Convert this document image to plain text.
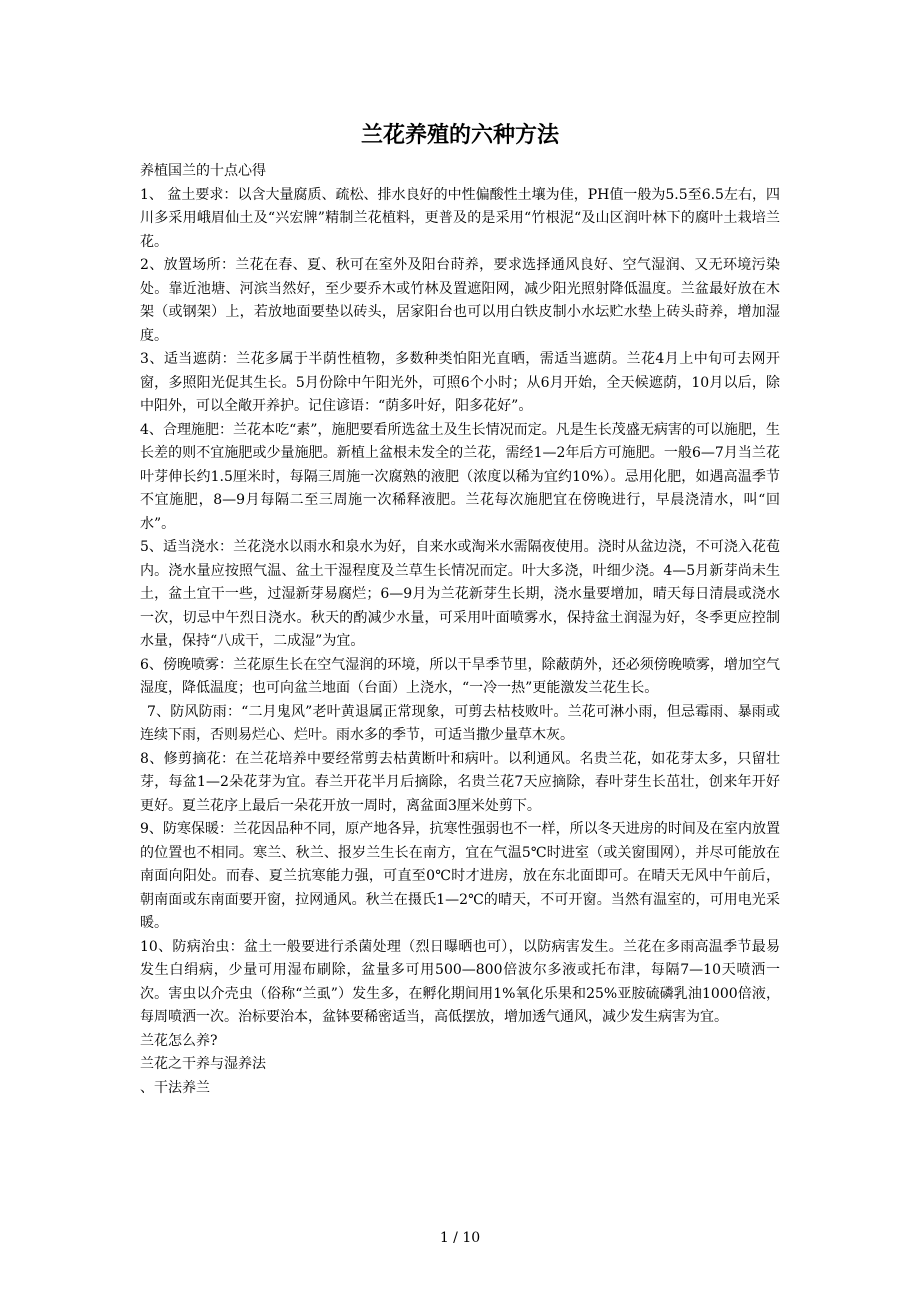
兰花养殖的六种方法

养植国兰的十点心得

1、 盆土要求：以含大量腐质、疏松、排水良好的中性偏酸性土壤为佳，PH值一般为5.5至6.5左右，四川多采用峨眉仙土及“兴宏牌”精制兰花植料，更普及的是采用“竹根泥“及山区润叶林下的腐叶土栽培兰花。

2、放置场所：兰花在春、夏、秋可在室外及阳台莳养，要求选择通风良好、空气湿润、又无环境污染处。靠近池塘、河滨当然好，至少要乔木或竹林及置遮阳网，减少阳光照射降低温度。兰盆最好放在木架（或钢架）上，若放地面要垫以砖头，居家阳台也可以用白铁皮制小水坛贮水垫上砖头莳养，增加湿度。

3、适当遮荫：兰花多属于半荫性植物，多数种类怕阳光直晒，需适当遮荫。兰花4月上中旬可去网开窗，多照阳光促其生长。5月份除中午阳光外，可照6个小时；从6月开始，全天候遮荫，10月以后，除中阳外，可以全敞开养护。记住谚语：“荫多叶好，阳多花好”。

4、合理施肥：兰花本吃“素”，施肥要看所选盆土及生长情况而定。凡是生长茂盛无病害的可以施肥，生长差的则不宜施肥或少量施肥。新植上盆根未发全的兰花，需经1—2年后方可施肥。一般6—7月当兰花叶芽伸长约1.5厘米时，每隔三周施一次腐熟的液肥（浓度以稀为宜约10%）。忌用化肥，如遇高温季节不宜施肥，8—9月每隔二至三周施一次稀释液肥。兰花每次施肥宜在傍晚进行，早晨浇清水，叫“回水”。

5、适当浇水：兰花浇水以雨水和泉水为好，自来水或淘米水需隔夜使用。浇时从盆边浇，不可浇入花苞内。浇水量应按照气温、盆土干湿程度及兰草生长情况而定。叶大多浇，叶细少浇。4—5月新芽尚未生土，盆土宜干一些，过湿新芽易腐烂；6—9月为兰花新芽生长期，浇水量要增加，晴天每日清晨或浇水一次，切忌中午烈日浇水。秋天的酌减少水量，可采用叶面喷雾水，保持盆土润湿为好，冬季更应控制水量，保持“八成干，二成湿”为宜。

6、傍晚喷雾：兰花原生长在空气湿润的环境，所以干旱季节里，除蔽荫外，还必须傍晚喷雾，增加空气湿度，降低温度；也可向盆兰地面（台面）上浇水，“一冷一热”更能激发兰花生长。

7、防风防雨：“二月鬼风”老叶黄退属正常现象，可剪去枯枝败叶。兰花可淋小雨，但忌霉雨、暴雨或连续下雨，否则易烂心、烂叶。雨水多的季节，可适当撒少量草木灰。

8、修剪摘花：在兰花培养中要经常剪去枯黄断叶和病叶。以利通风。名贵兰花，如花芽太多，只留壮芽，每盆1—2朵花芽为宜。春兰开花半月后摘除，名贵兰花7天应摘除，春叶芽生长茁壮，创来年开好更好。夏兰花序上最后一朵花开放一周时，离盆面3厘米处剪下。

9、防寒保暖：兰花因品种不同，原产地各异，抗寒性强弱也不一样，所以冬天进房的时间及在室内放置的位置也不相同。寒兰、秋兰、报岁兰生长在南方，宜在气温5℃时进室（或关窗围网），并尽可能放在南面向阳处。而春、夏兰抗寒能力强，可直至0℃时才进房，放在东北面即可。在晴天无风中午前后，朝南面或东南面要开窗，拉网通风。秋兰在摄氏1—2℃的晴天，不可开窗。当然有温室的，可用电光采暖。

10、防病治虫：盆土一般要进行杀菌处理（烈日曝晒也可），以防病害发生。兰花在多雨高温季节最易发生白绢病，少量可用湿布刷除，盆量多可用500—800倍波尔多液或托布津，每隔7—10天喷洒一次。害虫以介壳虫（俗称“兰虱”）发生多，在孵化期间用1%氧化乐果和25%亚胺硫磷乳油1000倍液，每周喷洒一次。治标要治本，盆钵要稀密适当，高低摆放，增加透气通风，减少发生病害为宜。

兰花怎么养?

兰花之干养与湿养法

、干法养兰

1 / 10
